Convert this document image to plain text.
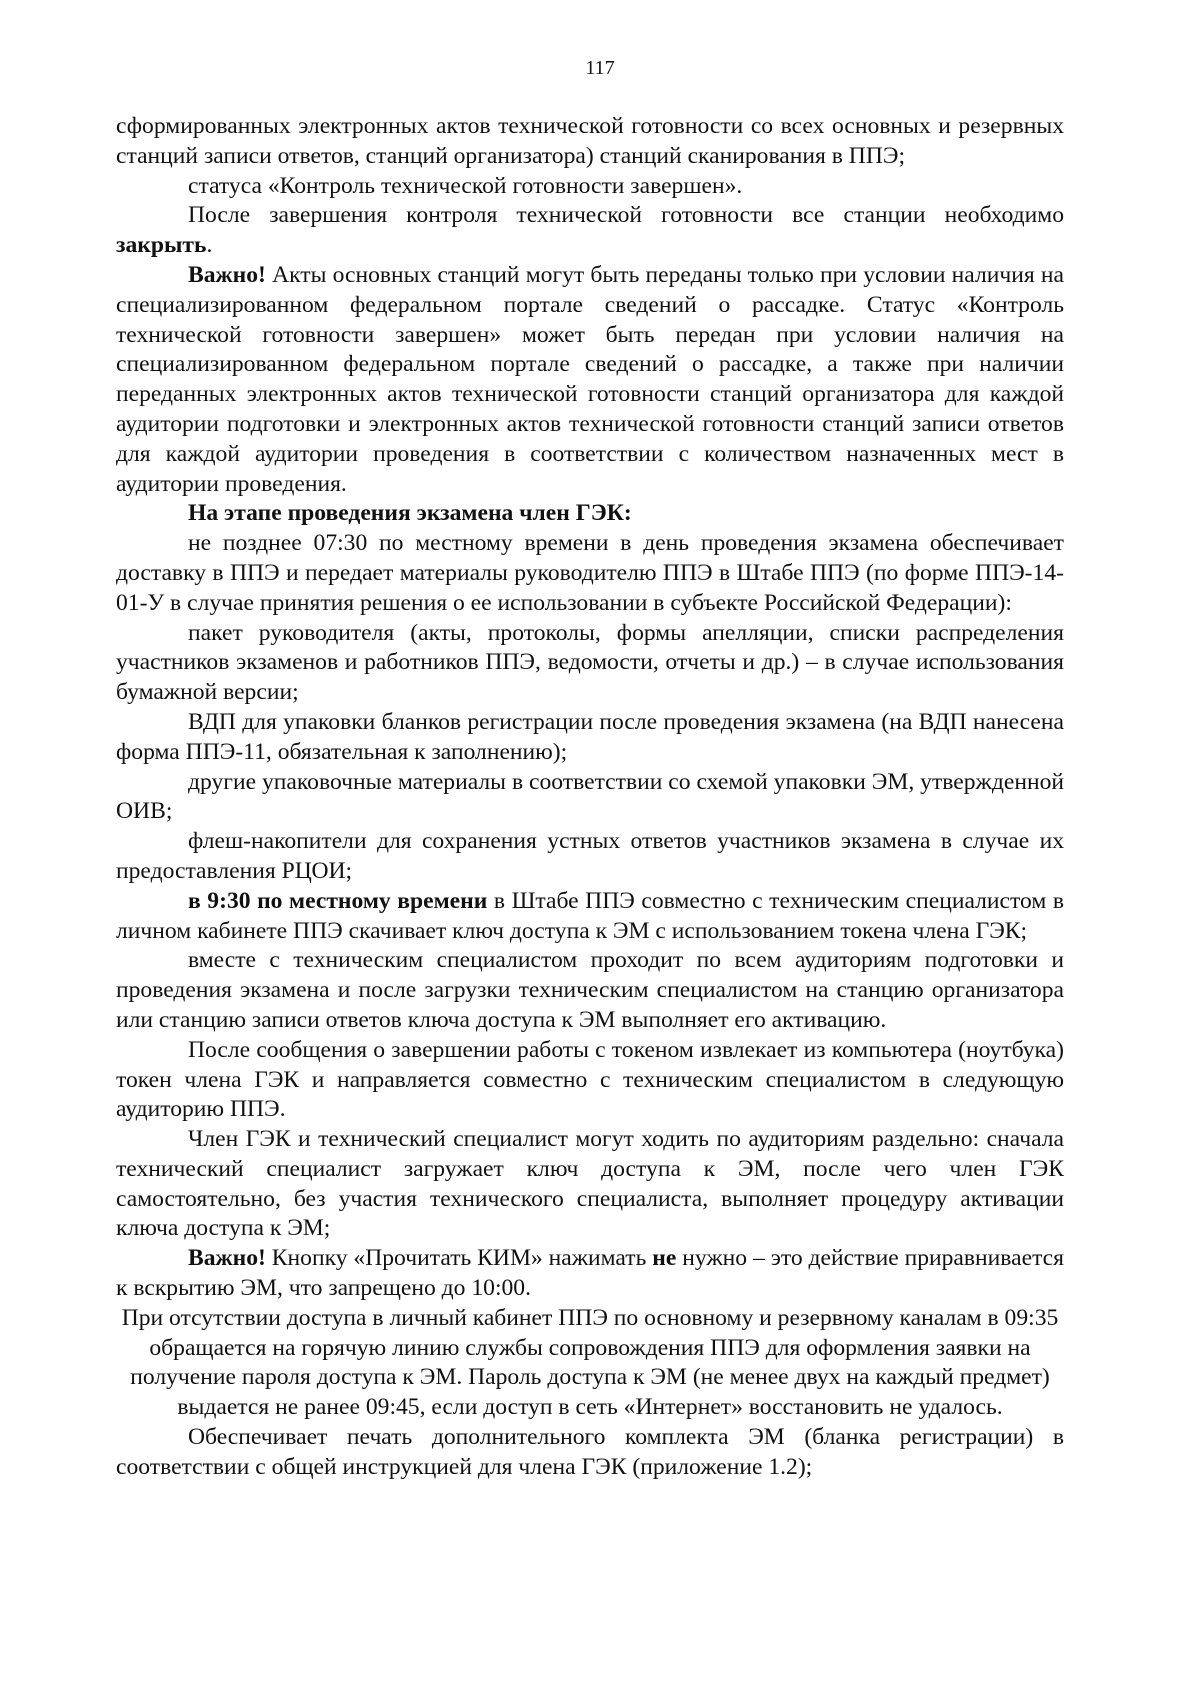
117

сформированных электронных актов технической готовности со всех основных и резервных станций записи ответов, станций организатора) станций сканирования в ППЭ;

статуса «Контроль технической готовности завершен».

После завершения контроля технической готовности все станции необходимо закрыть.

Важно! Акты основных станций могут быть переданы только при условии наличия на специализированном федеральном портале сведений о рассадке. Статус «Контроль технической готовности завершен» может быть передан при условии наличия на специализированном федеральном портале сведений о рассадке, а также при наличии переданных электронных актов технической готовности станций организатора для каждой аудитории подготовки и электронных актов технической готовности станций записи ответов для каждой аудитории проведения в соответствии с количеством назначенных мест в аудитории проведения.

На этапе проведения экзамена член ГЭК:

не позднее 07:30 по местному времени в день проведения экзамена обеспечивает доставку в ППЭ и передает материалы руководителю ППЭ в Штабе ППЭ (по форме ППЭ-14-01-У в случае принятия решения о ее использовании в субъекте Российской Федерации):

пакет руководителя (акты, протоколы, формы апелляции, списки распределения участников экзаменов и работников ППЭ, ведомости, отчеты и др.) – в случае использования бумажной версии;

ВДП для упаковки бланков регистрации после проведения экзамена (на ВДП нанесена форма ППЭ-11, обязательная к заполнению);

другие упаковочные материалы в соответствии со схемой упаковки ЭМ, утвержденной ОИВ;

флеш-накопители для сохранения устных ответов участников экзамена в случае их предоставления РЦОИ;

в 9:30 по местному времени в Штабе ППЭ совместно с техническим специалистом в личном кабинете ППЭ скачивает ключ доступа к ЭМ с использованием токена члена ГЭК;

вместе с техническим специалистом проходит по всем аудиториям подготовки и проведения экзамена и после загрузки техническим специалистом на станцию организатора или станцию записи ответов ключа доступа к ЭМ выполняет его активацию.

После сообщения о завершении работы с токеном извлекает из компьютера (ноутбука) токен члена ГЭК и направляется совместно с техническим специалистом в следующую аудиторию ППЭ.

Член ГЭК и технический специалист могут ходить по аудиториям раздельно: сначала технический специалист загружает ключ доступа к ЭМ, после чего член ГЭК самостоятельно, без участия технического специалиста, выполняет процедуру активации ключа доступа к ЭМ;

Важно! Кнопку «Прочитать КИМ» нажимать не нужно – это действие приравнивается к вскрытию ЭМ, что запрещено до 10:00.

При отсутствии доступа в личный кабинет ППЭ по основному и резервному каналам в 09:35 обращается на горячую линию службы сопровождения ППЭ для оформления заявки на получение пароля доступа к ЭМ. Пароль доступа к ЭМ (не менее двух на каждый предмет) выдается не ранее 09:45, если доступ в сеть «Интернет» восстановить не удалось.

Обеспечивает печать дополнительного комплекта ЭМ (бланка регистрации) в соответствии с общей инструкцией для члена ГЭК (приложение 1.2);
